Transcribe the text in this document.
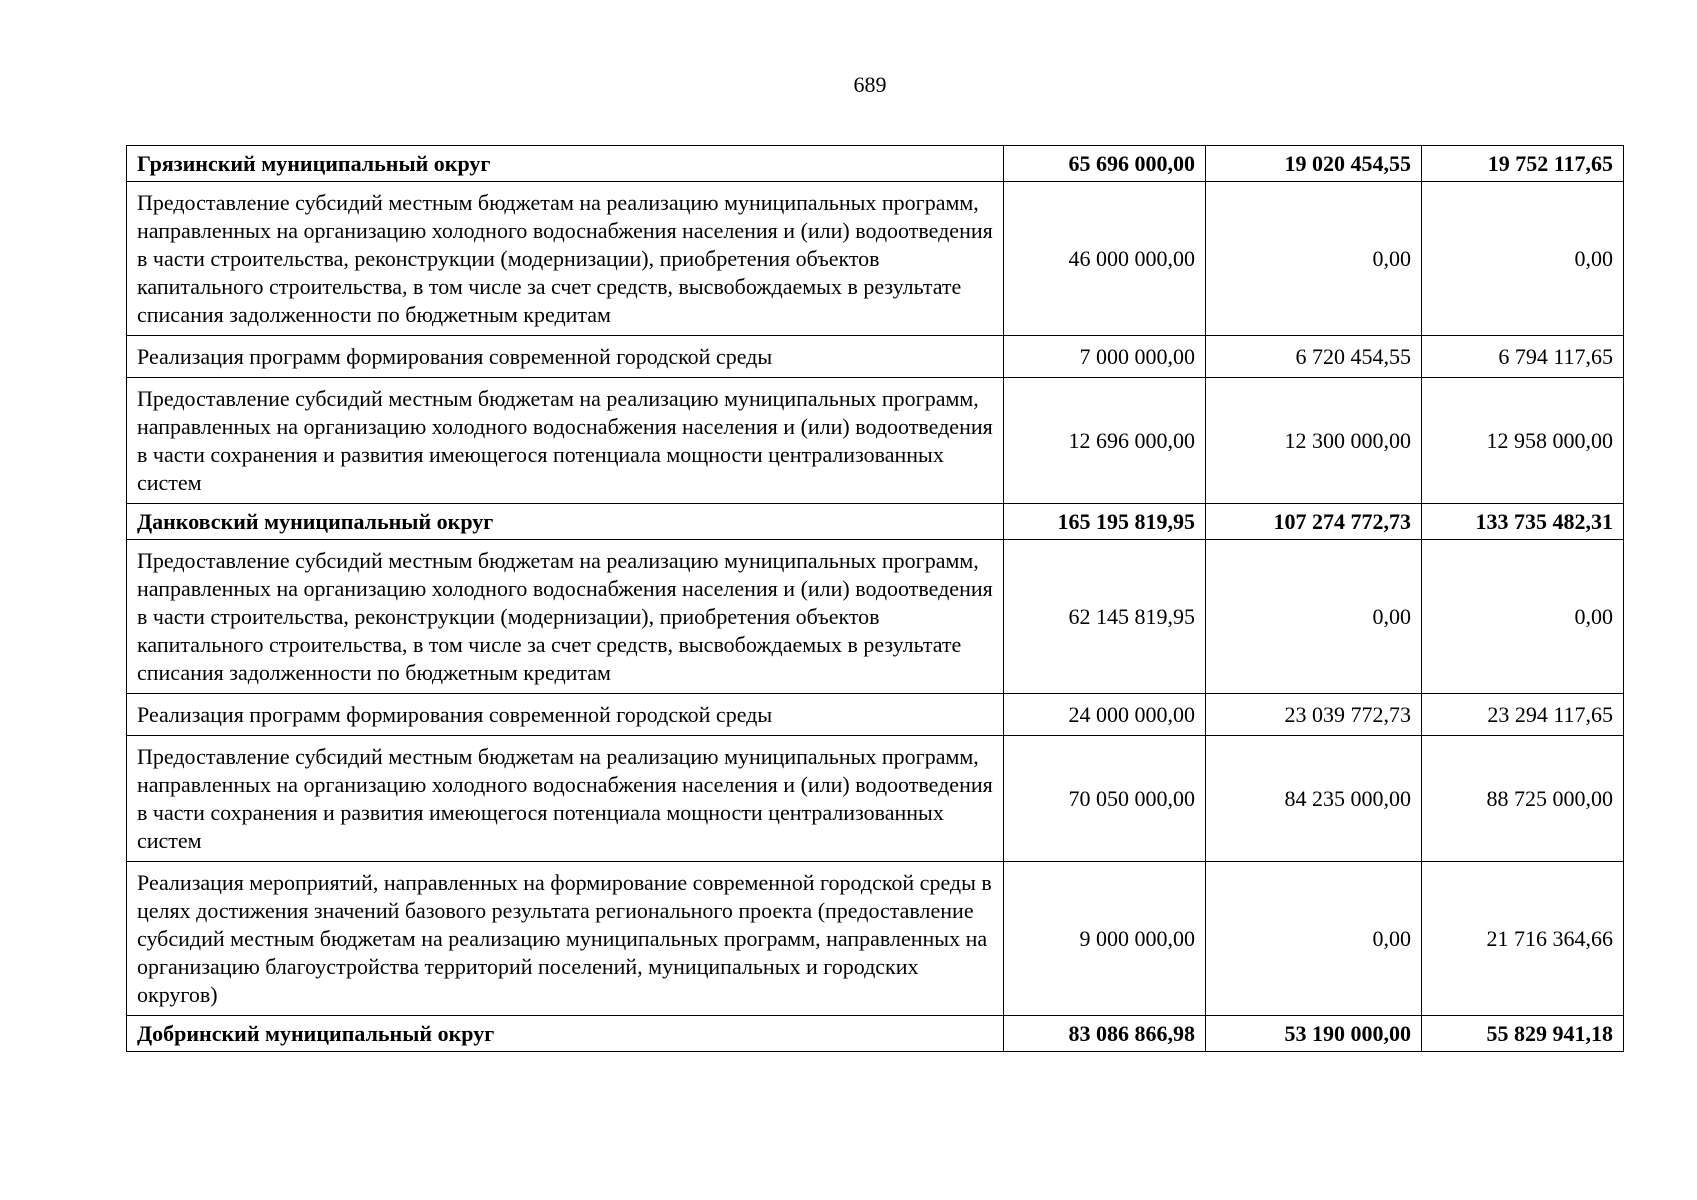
689
Грязинский муниципальный округ	65 696 000,00	19 020 454,55	19 752 117,65
Предоставление субсидий местным бюджетам на реализацию муниципальных программ, направленных на организацию холодного водоснабжения населения и (или) водоотведения в части строительства, реконструкции (модернизации), приобретения объектов капитального строительства, в том числе за счет средств, высвобождаемых в результате списания задолженности по бюджетным кредитам	46 000 000,00	0,00	0,00
Реализация программ формирования современной городской среды	7 000 000,00	6 720 454,55	6 794 117,65
Предоставление субсидий местным бюджетам на реализацию муниципальных программ, направленных на организацию холодного водоснабжения населения и (или) водоотведения в части сохранения и развития имеющегося потенциала мощности централизованных систем	12 696 000,00	12 300 000,00	12 958 000,00
Данковский муниципальный округ	165 195 819,95	107 274 772,73	133 735 482,31
Предоставление субсидий местным бюджетам на реализацию муниципальных программ, направленных на организацию холодного водоснабжения населения и (или) водоотведения в части строительства, реконструкции (модернизации), приобретения объектов капитального строительства, в том числе за счет средств, высвобождаемых в результате списания задолженности по бюджетным кредитам	62 145 819,95	0,00	0,00
Реализация программ формирования современной городской среды	24 000 000,00	23 039 772,73	23 294 117,65
Предоставление субсидий местным бюджетам на реализацию муниципальных программ, направленных на организацию холодного водоснабжения населения и (или) водоотведения в части сохранения и развития имеющегося потенциала мощности централизованных систем	70 050 000,00	84 235 000,00	88 725 000,00
Реализация мероприятий, направленных на формирование современной городской среды в целях достижения значений базового результата регионального проекта (предоставление субсидий местным бюджетам на реализацию муниципальных программ, направленных на организацию благоустройства территорий поселений, муниципальных и городских округов)	9 000 000,00	0,00	21 716 364,66
Добринский муниципальный округ	83 086 866,98	53 190 000,00	55 829 941,18
